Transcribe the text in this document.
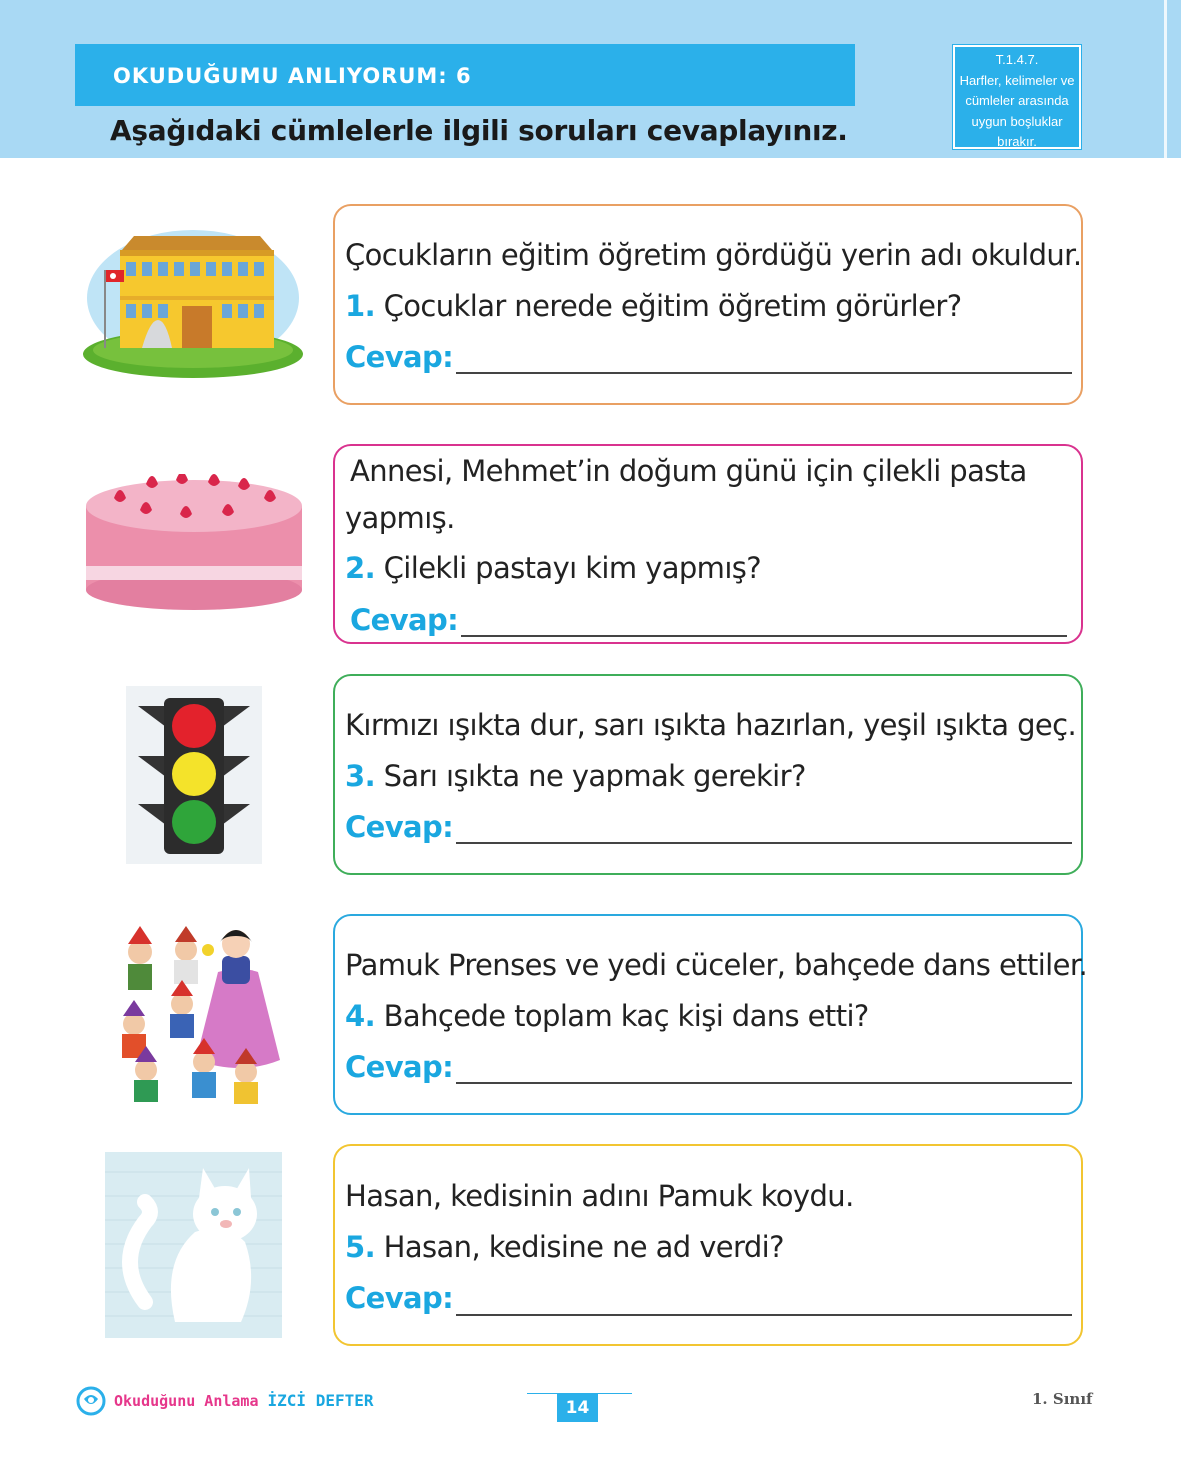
OKUDUĞUMU ANLIYORUM: 6
Aşağıdaki cümlelerle ilgili soruları cevaplayınız.
T.1.4.7.
Harfler, kelimeler ve
cümleler arasında
uygun boşluklar
bırakır.
Çocukların eğitim öğretim gördüğü yerin adı okuldur.
1. Çocuklar nerede eğitim öğretim görürler?
Cevap:
Annesi, Mehmet’in doğum günü için çilekli pasta
yapmış.
2. Çilekli pastayı kim yapmış?
Cevap:
Kırmızı ışıkta dur, sarı ışıkta hazırlan, yeşil ışıkta geç.
3. Sarı ışıkta ne yapmak gerekir?
Cevap:
Pamuk Prenses ve yedi cüceler, bahçede dans ettiler.
4. Bahçede toplam kaç kişi dans etti?
Cevap:
Hasan, kedisinin adını Pamuk koydu.
5. Hasan, kedisine ne ad verdi?
Cevap:
Okuduğunu Anlama İZCİ DEFTER	14	1. Sınıf
